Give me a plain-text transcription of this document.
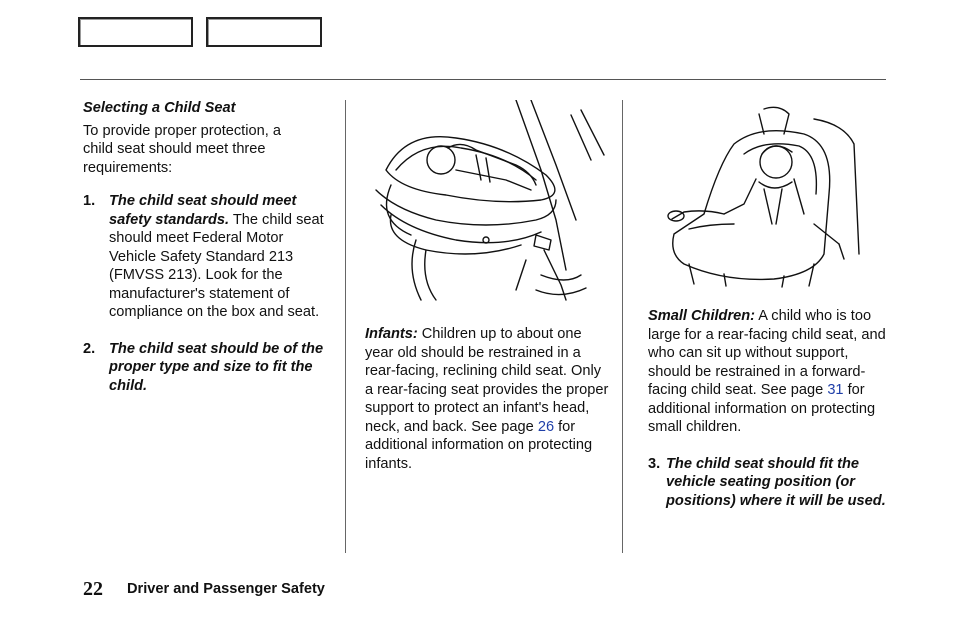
Selecting a Child Seat
To provide proper protection, a child seat should meet three requirements:
1. The child seat should meet safety standards. The child seat should meet Federal Motor Vehicle Safety Standard 213 (FMVSS 213). Look for the manufacturer's statement of compliance on the box and seat.
2. The child seat should be of the proper type and size to fit the child.
Infants: Children up to about one year old should be restrained in a rear-facing, reclining child seat. Only a rear-facing seat provides the proper support to protect an infant's head, neck, and back. See page 26 for additional information on protecting infants.
Small Children: A child who is too large for a rear-facing child seat, and who can sit up without support, should be restrained in a forward-facing child seat. See page 31 for additional information on protecting small children.
3. The child seat should fit the vehicle seating position (or positions) where it will be used.
22 Driver and Passenger Safety
